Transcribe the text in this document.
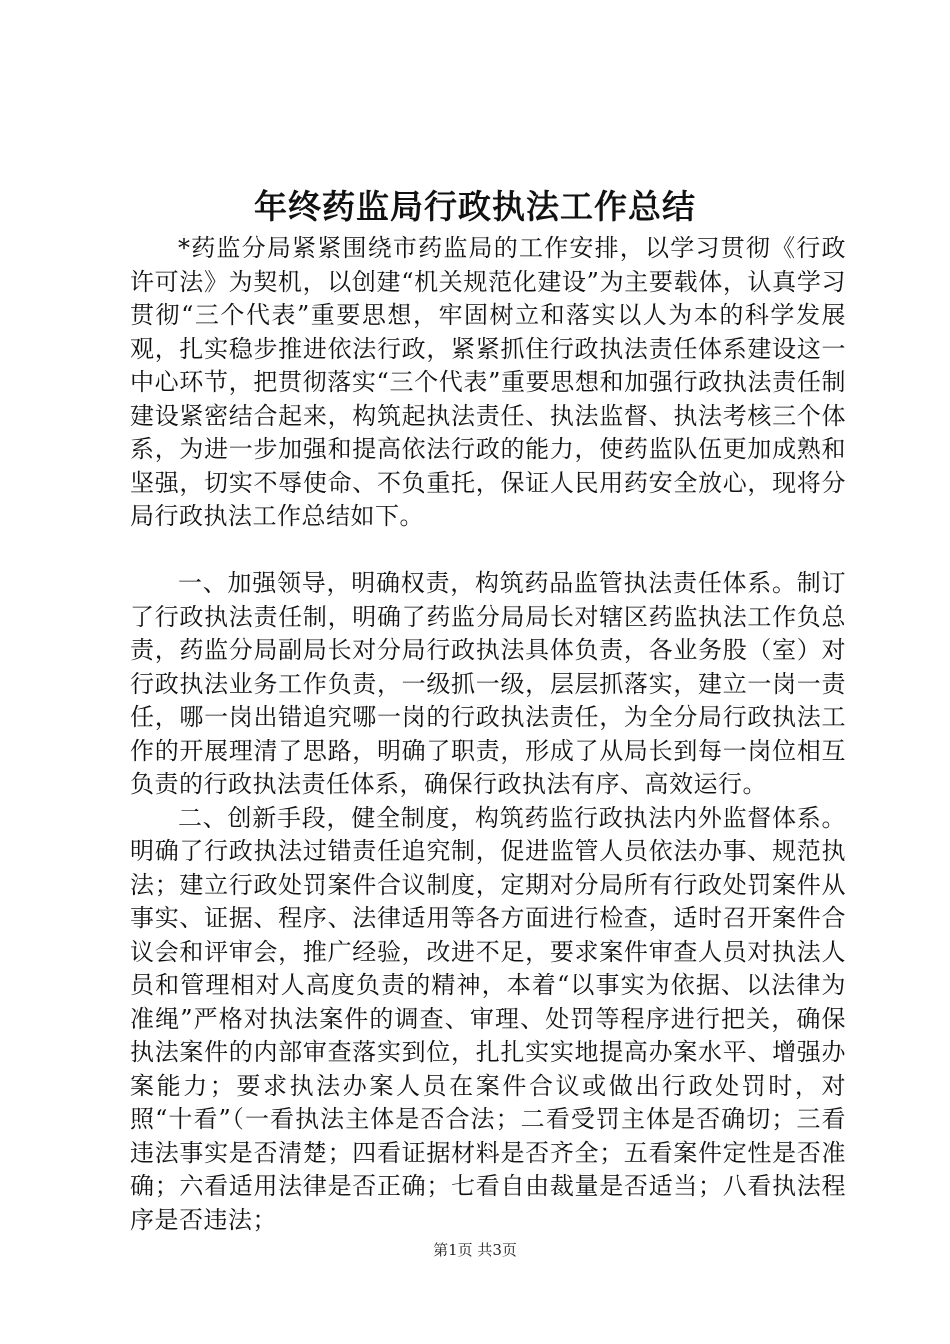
年终药监局行政执法工作总结

*药监分局紧紧围绕市药监局的工作安排，以学习贯彻《行政许可法》为契机，以创建“机关规范化建设”为主要载体，认真学习贯彻“三个代表”重要思想，牢固树立和落实以人为本的科学发展观，扎实稳步推进依法行政，紧紧抓住行政执法责任体系建设这一中心环节，把贯彻落实“三个代表”重要思想和加强行政执法责任制建设紧密结合起来，构筑起执法责任、执法监督、执法考核三个体系，为进一步加强和提高依法行政的能力，使药监队伍更加成熟和坚强，切实不辱使命、不负重托，保证人民用药安全放心，现将分局行政执法工作总结如下。

一、加强领导，明确权责，构筑药品监管执法责任体系。制订了行政执法责任制，明确了药监分局局长对辖区药监执法工作负总责，药监分局副局长对分局行政执法具体负责，各业务股（室）对行政执法业务工作负责，一级抓一级，层层抓落实，建立一岗一责任，哪一岗出错追究哪一岗的行政执法责任，为全分局行政执法工作的开展理清了思路，明确了职责，形成了从局长到每一岗位相互负责的行政执法责任体系，确保行政执法有序、高效运行。

二、创新手段，健全制度，构筑药监行政执法内外监督体系。明确了行政执法过错责任追究制，促进监管人员依法办事、规范执法；建立行政处罚案件合议制度，定期对分局所有行政处罚案件从事实、证据、程序、法律适用等各方面进行检查，适时召开案件合议会和评审会，推广经验，改进不足，要求案件审查人员对执法人员和管理相对人高度负责的精神，本着“以事实为依据、以法律为准绳”严格对执法案件的调查、审理、处罚等程序进行把关，确保执法案件的内部审查落实到位，扎扎实实地提高办案水平、增强办案能力；要求执法办案人员在案件合议或做出行政处罚时，对照“十看”（一看执法主体是否合法；二看受罚主体是否确切；三看违法事实是否清楚；四看证据材料是否齐全；五看案件定性是否准确；六看适用法律是否正确；七看自由裁量是否适当；八看执法程序是否违法；

第1页 共3页
